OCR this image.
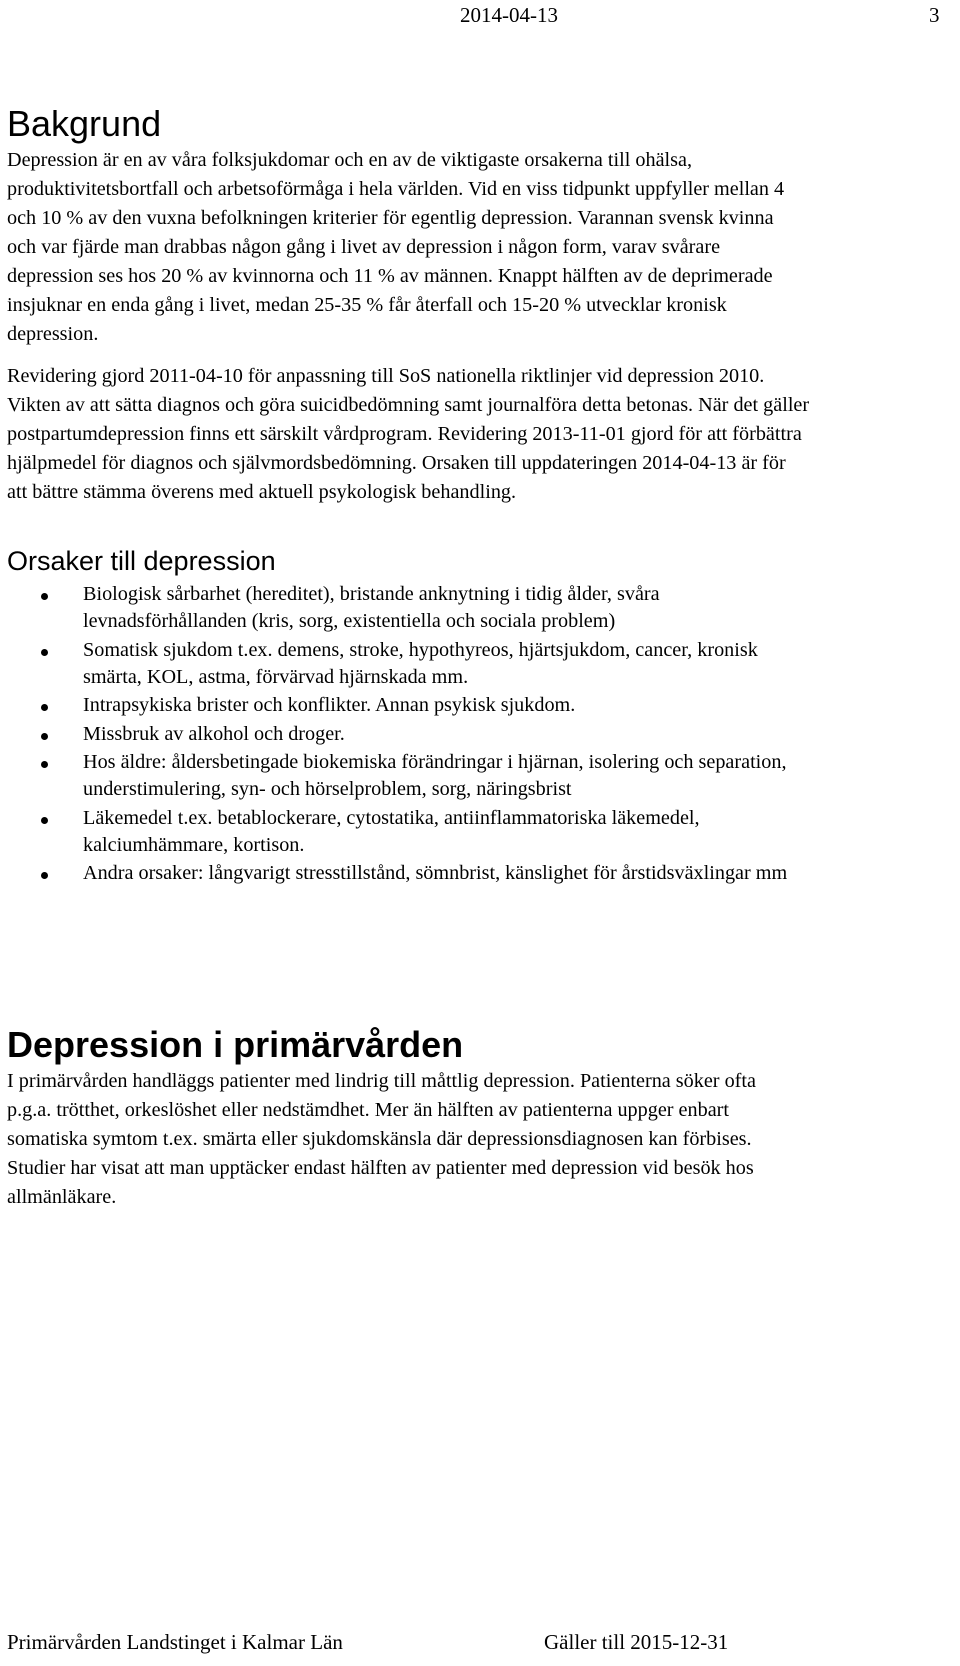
2014-04-13	3
Bakgrund

Depression är en av våra folksjukdomar och en av de viktigaste orsakerna till ohälsa,
produktivitetsbortfall och arbetsoförmåga i hela världen. Vid en viss tidpunkt uppfyller mellan 4
och 10 % av den vuxna befolkningen kriterier för egentlig depression. Varannan svensk kvinna
och var fjärde man drabbas någon gång i livet av depression i någon form, varav svårare
depression ses hos 20 % av kvinnorna och 11 % av männen. Knappt hälften av de deprimerade
insjuknar en enda gång i livet, medan 25-35 % får återfall och 15-20 % utvecklar kronisk
depression.

Revidering gjord 2011-04-10 för anpassning till SoS nationella riktlinjer vid depression 2010.
Vikten av att sätta diagnos och göra suicidbedömning samt journalföra detta betonas. När det gäller
postpartumdepression finns ett särskilt vårdprogram. Revidering 2013-11-01 gjord för att förbättra
hjälpmedel för diagnos och självmordsbedömning. Orsaken till uppdateringen 2014-04-13 är för
att bättre stämma överens med aktuell psykologisk behandling.

Orsaker till depression
Biologisk sårbarhet (hereditet), bristande anknytning i tidig ålder, svåra
levnadsförhållanden (kris, sorg, existentiella och sociala problem)
Somatisk sjukdom t.ex. demens, stroke, hypothyreos, hjärtsjukdom, cancer, kronisk
smärta, KOL, astma, förvärvad hjärnskada mm.
Intrapsykiska brister och konflikter. Annan psykisk sjukdom.
Missbruk av alkohol och droger.
Hos äldre: åldersbetingade biokemiska förändringar i hjärnan, isolering och separation,
understimulering, syn- och hörselproblem, sorg, näringsbrist
Läkemedel t.ex. betablockerare, cytostatika, antiinflammatoriska läkemedel,
kalciumhämmare, kortison.
Andra orsaker: långvarigt stresstillstånd, sömnbrist, känslighet för årstidsväxlingar mm
Depression i primärvården

I primärvården handläggs patienter med lindrig till måttlig depression. Patienterna söker ofta
p.g.a. trötthet, orkeslöshet eller nedstämdhet. Mer än hälften av patienterna uppger enbart
somatiska symtom t.ex. smärta eller sjukdomskänsla där depressionsdiagnosen kan förbises.
Studier har visat att man upptäcker endast hälften av patienter med depression vid besök hos
allmänläkare.

Primärvården Landstinget i Kalmar Län	Gäller till 2015-12-31
